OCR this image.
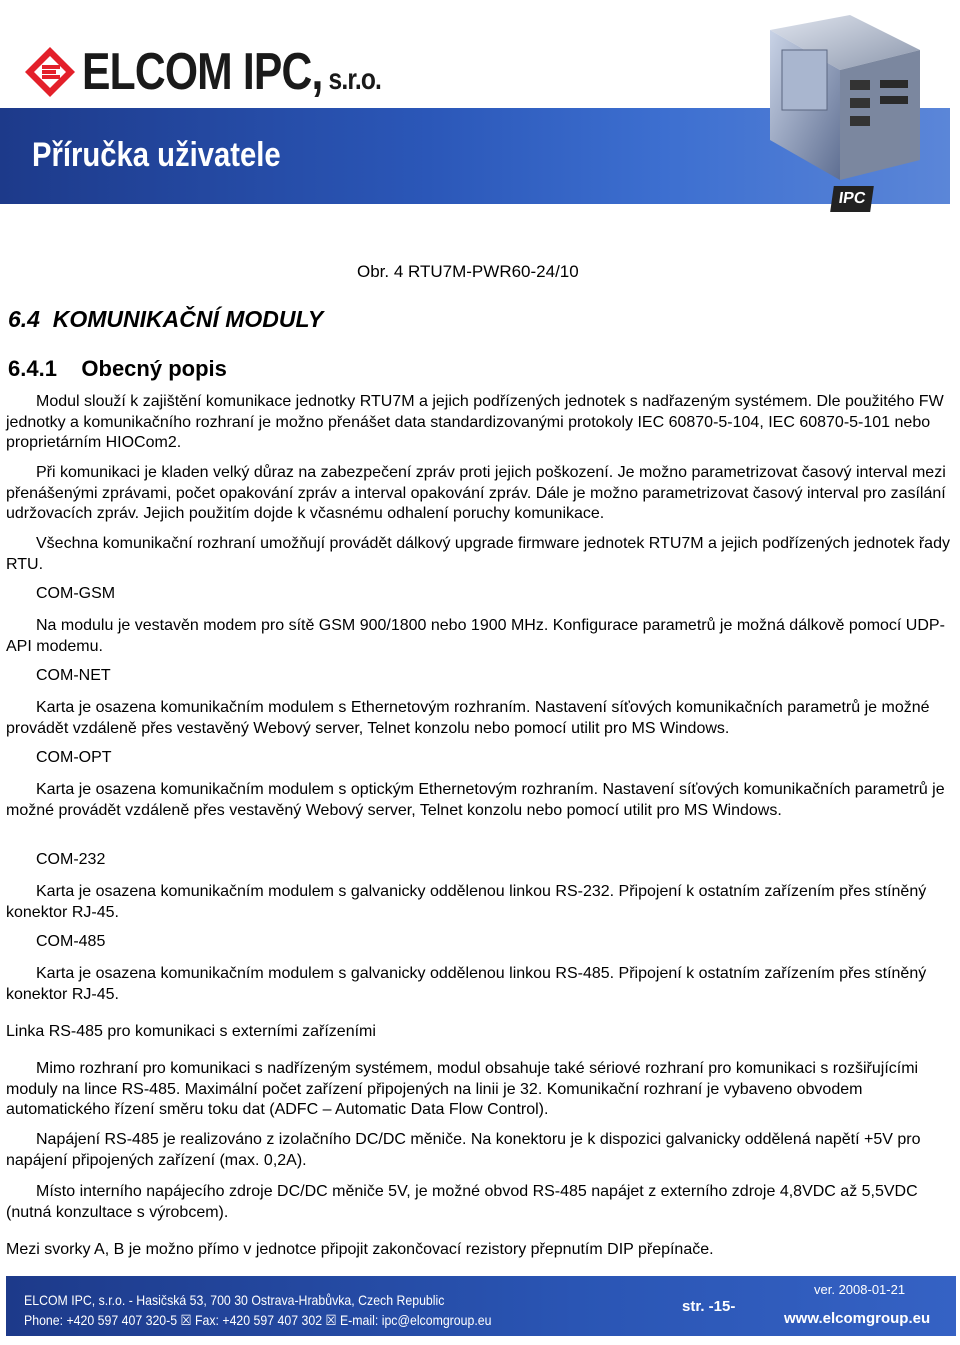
Příručka uživatele
ELCOM IPC, s.r.o.
IPC
Obr. 4 RTU7M-PWR60-24/10
6.4 KOMUNIKAČNÍ MODULY
6.4.1 Obecný popis
Modul slouží k zajištění komunikace jednotky RTU7M a jejich podřízených jednotek s nadřazeným systémem. Dle použitého FW jednotky a komunikačního rozhraní je možno přenášet data standardizovanými protokoly IEC 60870-5-104, IEC 60870-5-101 nebo proprietárním HIOCom2.
Při komunikaci je kladen velký důraz na zabezpečení zpráv proti jejich poškození. Je možno parametrizovat časový interval mezi přenášenými zprávami, počet opakování zpráv a interval opakování zpráv. Dále je možno parametrizovat časový interval pro zasílání udržovacích zpráv. Jejich použitím dojde k včasnému odhalení poruchy komunikace.
Všechna komunikační rozhraní umožňují provádět dálkový upgrade firmware jednotek RTU7M a jejich podřízených jednotek řady RTU.
COM-GSM
Na modulu je vestavěn modem pro sítě GSM 900/1800 nebo 1900 MHz. Konfigurace parametrů je možná dálkově pomocí UDP-API modemu.
COM-NET
Karta je osazena komunikačním modulem s Ethernetovým rozhraním. Nastavení síťových komunikačních parametrů je možné provádět vzdáleně přes vestavěný Webový server, Telnet konzolu nebo pomocí utilit pro MS Windows.
COM-OPT
Karta je osazena komunikačním modulem s optickým Ethernetovým rozhraním. Nastavení síťových komunikačních parametrů je možné provádět vzdáleně přes vestavěný Webový server, Telnet konzolu nebo pomocí utilit pro MS Windows.
COM-232
Karta je osazena komunikačním modulem s galvanicky oddělenou linkou RS-232. Připojení k ostatním zařízením přes stíněný konektor RJ-45.
COM-485
Karta je osazena komunikačním modulem s galvanicky oddělenou linkou RS-485. Připojení k ostatním zařízením přes stíněný konektor RJ-45.
Linka RS-485 pro komunikaci s externími zařízeními
Mimo rozhraní pro komunikaci s nadřízeným systémem, modul obsahuje také sériové rozhraní pro komunikaci s rozšiřujícími moduly na lince RS-485. Maximální počet zařízení připojených na linii je 32. Komunikační rozhraní je vybaveno obvodem automatického řízení směru toku dat (ADFC – Automatic Data Flow Control).
Napájení RS-485 je realizováno z izolačního DC/DC měniče. Na konektoru je k dispozici galvanicky oddělená napětí +5V pro napájení připojených zařízení (max. 0,2A).
Místo interního napájecího zdroje DC/DC měniče 5V, je možné obvod RS-485 napájet z externího zdroje 4,8VDC až 5,5VDC (nutná konzultace s výrobcem).
Mezi svorky A, B je možno přímo v jednotce připojit zakončovací rezistory přepnutím DIP přepínače.
ELCOM IPC, s.r.o. - Hasičská 53, 700 30 Ostrava-Hrabůvka, Czech Republic
Phone: +420 597 407 320-5 ☒ Fax: +420 597 407 302 ☒ E-mail: ipc@elcomgroup.eu
str. -15-
ver. 2008-01-21
www.elcomgroup.eu
